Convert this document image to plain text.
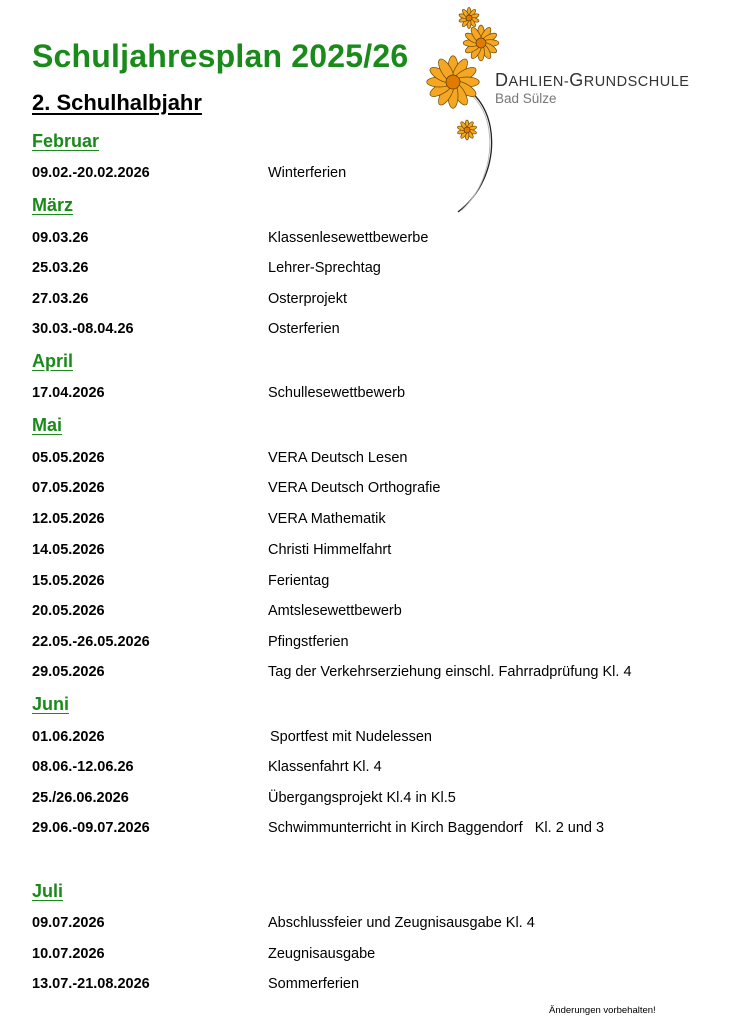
Schuljahresplan 2025/26
2. Schulhalbjahr
DAHLIEN-GRUNDSCHULE
Bad Sülze
Februar
März
April
Mai
Juni
Juli
09.02.-20.02.2026	Winterferien
09.03.26	Klassenlesewettbewerbe
25.03.26	Lehrer-Sprechtag
27.03.26	Osterprojekt
30.03.-08.04.26	Osterferien
17.04.2026	Schullesewettbewerb
05.05.2026	VERA Deutsch Lesen
07.05.2026	VERA Deutsch Orthografie
12.05.2026	VERA Mathematik
14.05.2026	Christi Himmelfahrt
15.05.2026	Ferientag
20.05.2026	Amtslesewettbewerb
22.05.-26.05.2026	Pfingstferien
29.05.2026	Tag der Verkehrserziehung einschl. Fahrradprüfung Kl. 4
01.06.2026	Sportfest mit Nudelessen
08.06.-12.06.26	Klassenfahrt Kl. 4
25./26.06.2026	Übergangsprojekt Kl.4 in Kl.5
29.06.-09.07.2026	Schwimmunterricht in Kirch Baggendorf   Kl. 2 und 3
09.07.2026	Abschlussfeier und Zeugnisausgabe Kl. 4
10.07.2026	Zeugnisausgabe
13.07.-21.08.2026	Sommerferien
Änderungen vorbehalten!
